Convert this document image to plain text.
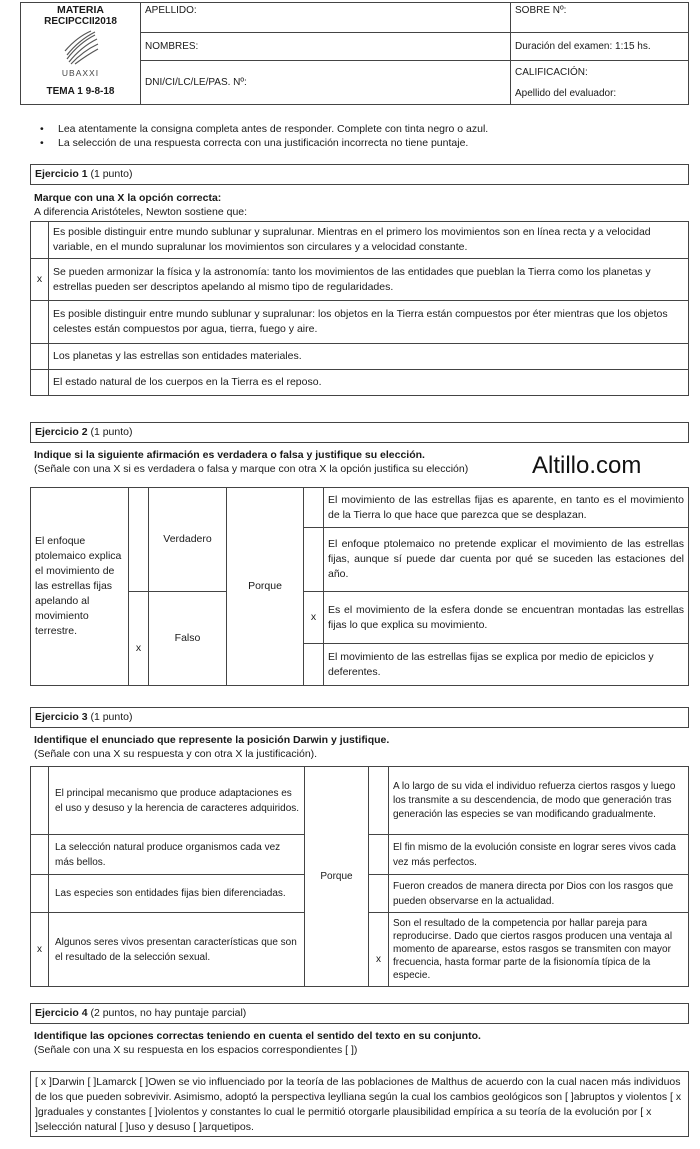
MATERIA
RECIPCCII2018
UBAXXI
TEMA 1 9-8-18	APELLIDO:	SOBRE Nº:
	NOMBRES:	Duración del examen: 1:15 hs.
	DNI/CI/LC/LE/PAS. Nº:	CALIFICACIÓN:
Apellido del evaluador:
• Lea atentamente la consigna completa antes de responder. Complete con tinta negro o azul.
• La selección de una respuesta correcta con una justificación incorrecta no tiene puntaje.
Ejercicio 1 (1 punto)
Marque con una X la opción correcta:
A diferencia Aristóteles, Newton sostiene que:
	Es posible distinguir entre mundo sublunar y supralunar. Mientras en el primero los movimientos son en línea recta y a velocidad variable, en el mundo supralunar los movimientos son circulares y a velocidad constante.
x	Se pueden armonizar la física y la astronomía: tanto los movimientos de las entidades que pueblan la Tierra como los planetas y estrellas pueden ser descriptos apelando al mismo tipo de regularidades.
	Es posible distinguir entre mundo sublunar y supralunar: los objetos en la Tierra están compuestos por éter mientras que los objetos celestes están compuestos por agua, tierra, fuego y aire.
	Los planetas y las estrellas son entidades materiales.
	El estado natural de los cuerpos en la Tierra es el reposo.
Ejercicio 2 (1 punto)
Indique si la siguiente afirmación es verdadera o falsa y justifique su elección.
(Señale con una X si es verdadera o falsa y marque con otra X la opción justifica su elección)	Altillo.com
El enfoque ptolemaico explica el movimiento de las estrellas fijas apelando al movimiento terrestre.		Verdadero	Porque		El movimiento de las estrellas fijas es aparente, en tanto es el movimiento de la Tierra lo que hace que parezca que se desplazan.
					El enfoque ptolemaico no pretende explicar el movimiento de las estrellas fijas, aunque sí puede dar cuenta por qué se suceden las estaciones del año.
	x	Falso		x	Es el movimiento de la esfera donde se encuentran montadas las estrellas fijas lo que explica su movimiento.
					El movimiento de las estrellas fijas se explica por medio de epiciclos y deferentes.
Ejercicio 3 (1 punto)
Identifique el enunciado que represente la posición Darwin y justifique.
(Señale con una X su respuesta y con otra X la justificación).
	El principal mecanismo que produce adaptaciones es el uso y desuso y la herencia de caracteres adquiridos.	Porque		A lo largo de su vida el individuo refuerza ciertos rasgos y luego los transmite a su descendencia, de modo que generación tras generación las especies se van modificando gradualmente.
	La selección natural produce organismos cada vez más bellos.			El fin mismo de la evolución consiste en lograr seres vivos cada vez más perfectos.
	Las especies son entidades fijas bien diferenciadas.			Fueron creados de manera directa por Dios con los rasgos que pueden observarse en la actualidad.
x	Algunos seres vivos presentan características que son el resultado de la selección sexual.		x	Son el resultado de la competencia por hallar pareja para reproducirse. Dado que ciertos rasgos producen una ventaja al momento de aparearse, estos rasgos se transmiten con mayor frecuencia, hasta formar parte de la fisionomía típica de la especie.
Ejercicio 4 (2 puntos, no hay puntaje parcial)
Identifique las opciones correctas teniendo en cuenta el sentido del texto en su conjunto.
(Señale con una X su respuesta en los espacios correspondientes [ ])
[ x ]Darwin [ ]Lamarck [ ]Owen se vio influenciado por la teoría de las poblaciones de Malthus de acuerdo con la cual nacen más individuos de los que pueden sobrevivir. Asimismo, adoptó la perspectiva leylliana según la cual los cambios geológicos son [ ]abruptos y violentos [ x ]graduales y constantes [ ]violentos y constantes lo cual le permitió otorgarle plausibilidad empírica a su teoría de la evolución por [ x ]selección natural [ ]uso y desuso [ ]arquetipos.
